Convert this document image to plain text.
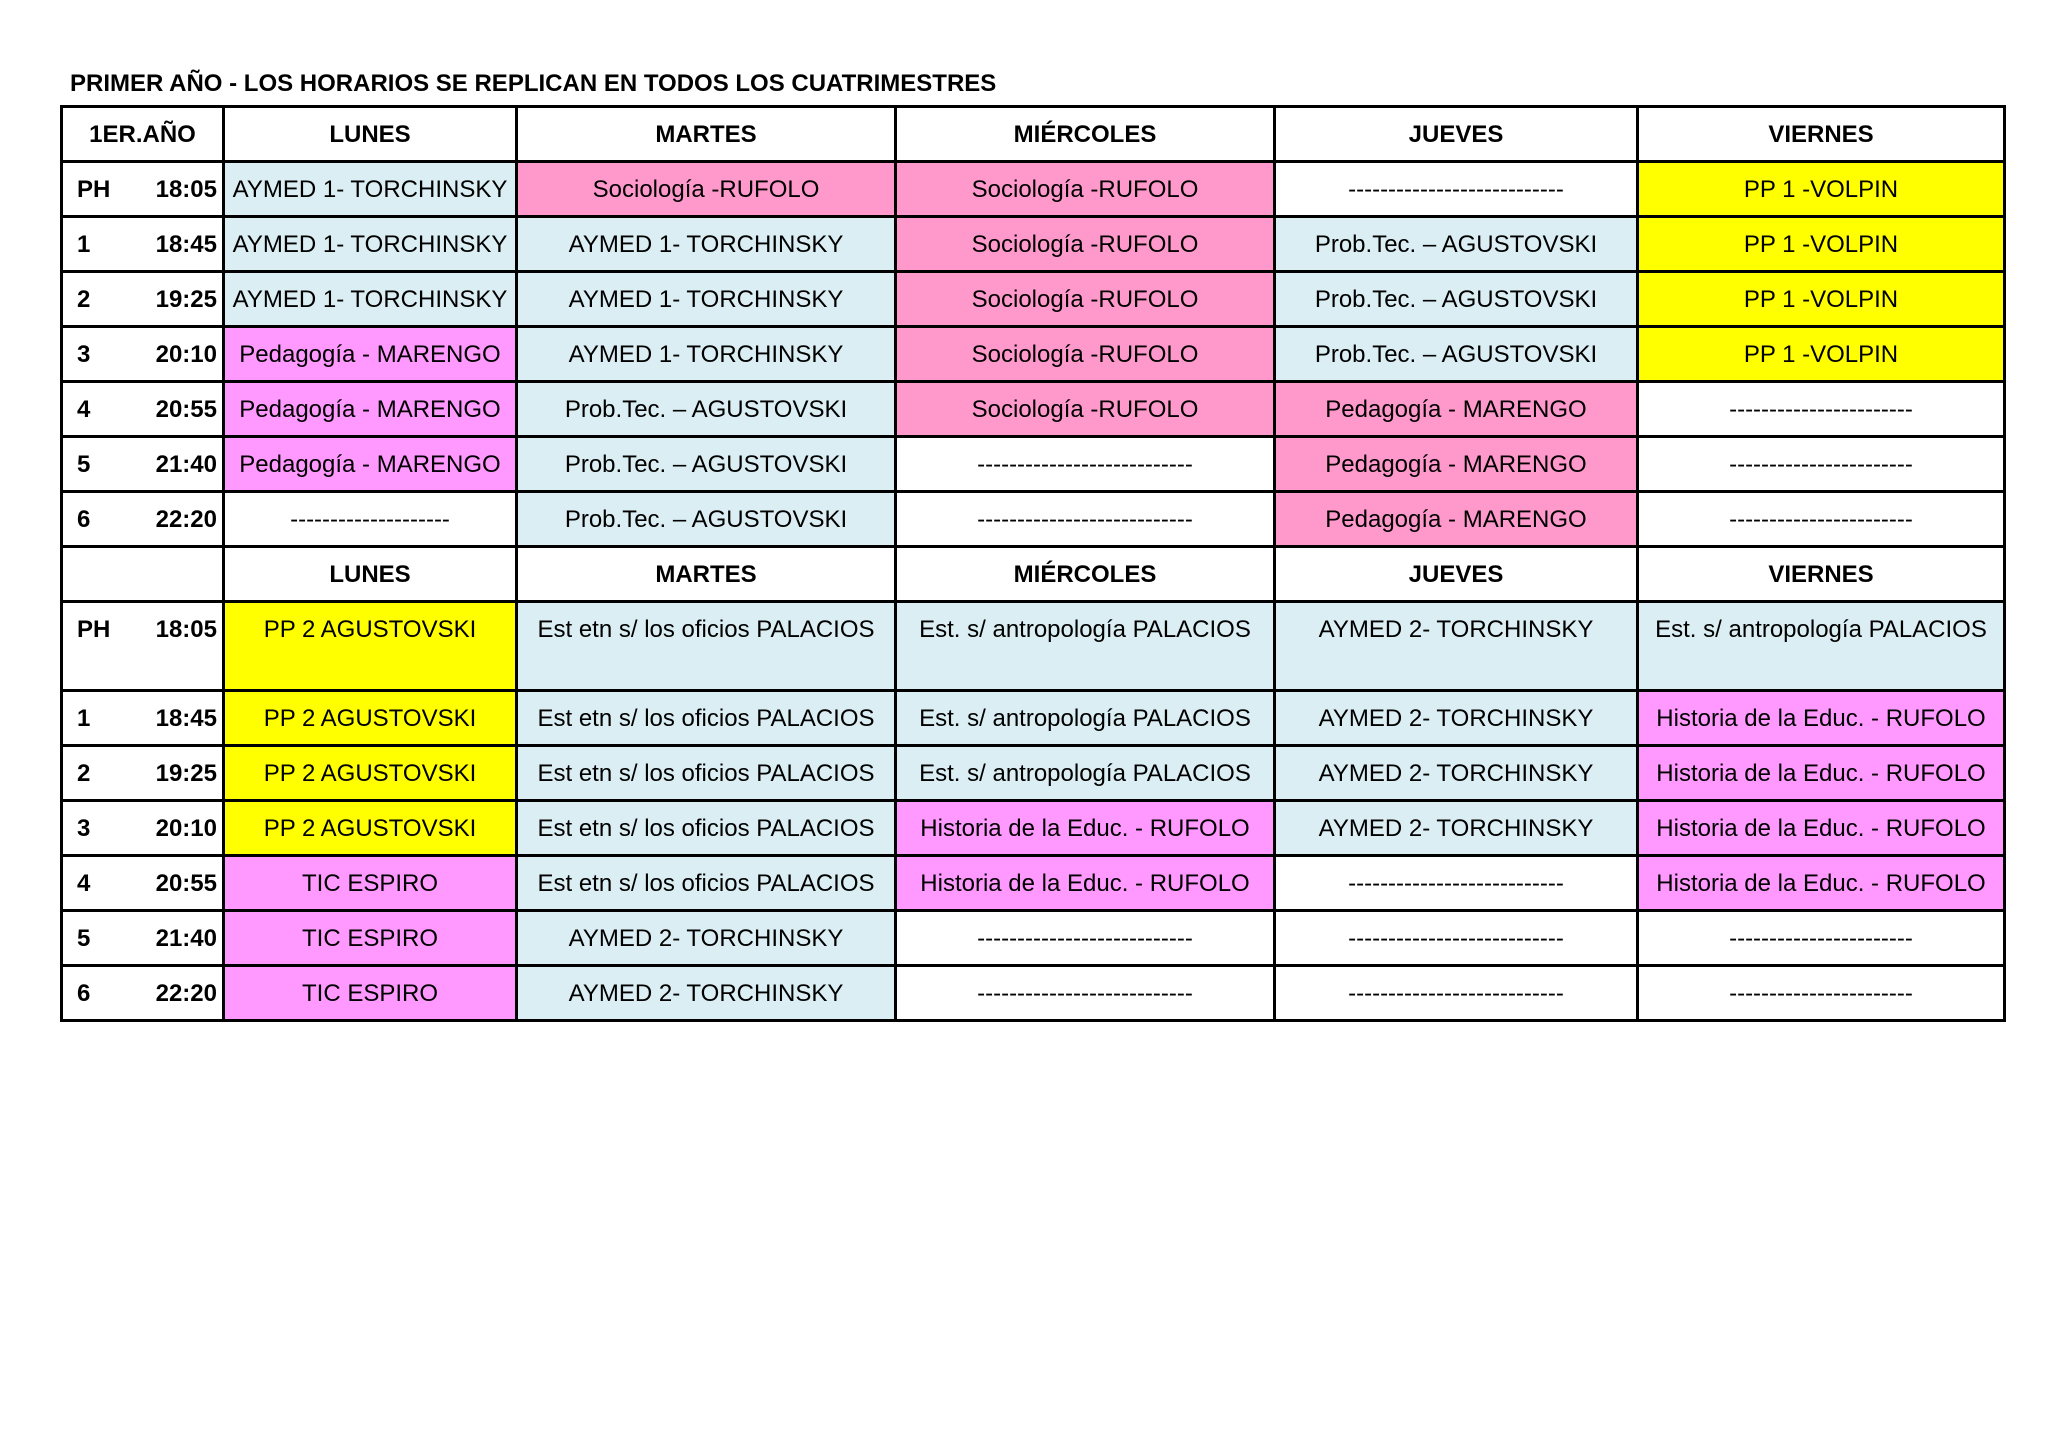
PRIMER AÑO - LOS HORARIOS SE REPLICAN EN TODOS LOS CUATRIMESTRES
1ER.AÑO	LUNES	MARTES	MIÉRCOLES	JUEVES	VIERNES
PH 18:05	AYMED 1- TORCHINSKY	Sociología -RUFOLO	Sociología -RUFOLO	---------------------------	PP 1 -VOLPIN
1 18:45	AYMED 1- TORCHINSKY	AYMED 1- TORCHINSKY	Sociología -RUFOLO	Prob.Tec. – AGUSTOVSKI	PP 1 -VOLPIN
2 19:25	AYMED 1- TORCHINSKY	AYMED 1- TORCHINSKY	Sociología -RUFOLO	Prob.Tec. – AGUSTOVSKI	PP 1 -VOLPIN
3 20:10	Pedagogía - MARENGO	AYMED 1- TORCHINSKY	Sociología -RUFOLO	Prob.Tec. – AGUSTOVSKI	PP 1 -VOLPIN
4 20:55	Pedagogía - MARENGO	Prob.Tec. – AGUSTOVSKI	Sociología -RUFOLO	Pedagogía - MARENGO	-----------------------
5 21:40	Pedagogía - MARENGO	Prob.Tec. – AGUSTOVSKI	---------------------------	Pedagogía - MARENGO	-----------------------
6 22:20	--------------------	Prob.Tec. – AGUSTOVSKI	---------------------------	Pedagogía - MARENGO	-----------------------
	LUNES	MARTES	MIÉRCOLES	JUEVES	VIERNES
PH 18:05	PP 2 AGUSTOVSKI	Est etn s/ los oficios PALACIOS	Est. s/ antropología PALACIOS	AYMED 2- TORCHINSKY	Est. s/ antropología PALACIOS
1 18:45	PP 2 AGUSTOVSKI	Est etn s/ los oficios PALACIOS	Est. s/ antropología PALACIOS	AYMED 2- TORCHINSKY	Historia de la Educ. - RUFOLO
2 19:25	PP 2 AGUSTOVSKI	Est etn s/ los oficios PALACIOS	Est. s/ antropología PALACIOS	AYMED 2- TORCHINSKY	Historia de la Educ. - RUFOLO
3 20:10	PP 2 AGUSTOVSKI	Est etn s/ los oficios PALACIOS	Historia de la Educ. - RUFOLO	AYMED 2- TORCHINSKY	Historia de la Educ. - RUFOLO
4 20:55	TIC ESPIRO	Est etn s/ los oficios PALACIOS	Historia de la Educ. - RUFOLO	---------------------------	Historia de la Educ. - RUFOLO
5 21:40	TIC ESPIRO	AYMED 2- TORCHINSKY	---------------------------	---------------------------	-----------------------
6 22:20	TIC ESPIRO	AYMED 2- TORCHINSKY	---------------------------	---------------------------	-----------------------
